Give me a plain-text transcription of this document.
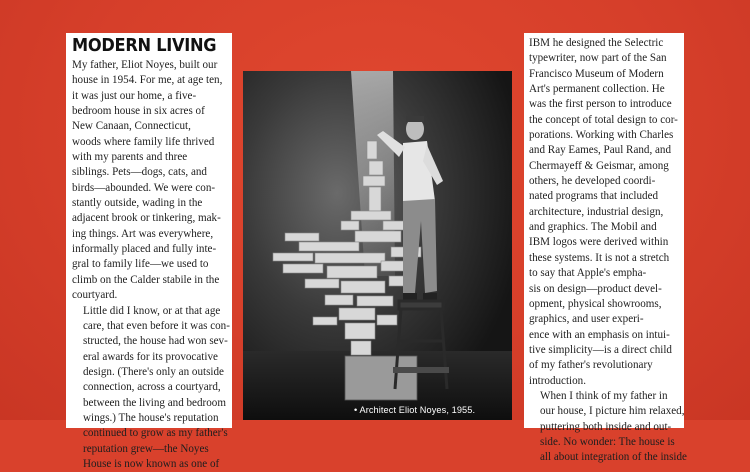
MODERN LIVING

My father, Eliot Noyes, built our
house in 1954. For me, at age ten,
it was just our home, a five-
bedroom house in six acres of
New Canaan, Connecticut,
woods where family life thrived
with my parents and three
siblings. Pets—dogs, cats, and
birds—abounded. We were con-
stantly outside, wading in the
adjacent brook or tinkering, mak-
ing things. Art was everywhere,
informally placed and fully inte-
gral to family life—we used to
climb on the Calder stabile in the
courtyard.

Little did I know, or at that age
care, that even before it was con-
structed, the house had won sev-
eral awards for its provocative
design. (There's only an outside
connection, across a courtyard,
between the living and bedroom
wings.) The house's reputation
continued to grow as my father's
reputation grew—the Noyes
House is now known as one of

• Architect Eliot Noyes, 1955.

IBM he designed the Selectric
typewriter, now part of the San
Francisco Museum of Modern
Art's permanent collection. He
was the first person to introduce
the concept of total design to cor-
porations. Working with Charles
and Ray Eames, Paul Rand, and
Chermayeff & Geismar, among
others, he developed coordi-
nated programs that included
architecture, industrial design,
and graphics. The Mobil and
IBM logos were derived within
these systems. It is not a stretch
to say that Apple's empha-
sis on design—product devel-
opment, physical showrooms,
graphics, and user experi-
ence with an emphasis on intui-
tive simplicity—is a direct child
of my father's revolutionary
introduction.

When I think of my father in
our house, I picture him relaxed,
puttering both inside and out-
side. No wonder: The house is
all about integration of the inside
